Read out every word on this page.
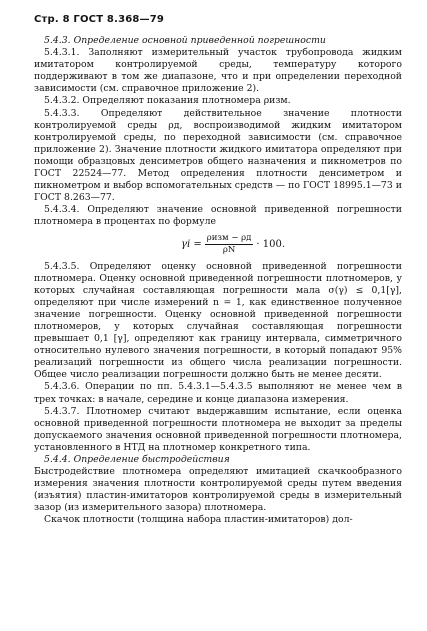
Стр. 8 ГОСТ 8.368—79

5.4.3. Определение основной приведенной погрешности

5.4.3.1. Заполняют измерительный участок трубопровода жидким имитатором контролируемой среды, температуру которого поддерживают в том же диапазоне, что и при определении переходной зависимости (см. справочное приложение 2).

5.4.3.2. Определяют показания плотномера ρизм.

5.4.3.3. Определяют действительное значение плотности контролируемой среды ρд, воспроизводимой жидким имитатором контролируемой среды, по переходной зависимости (см. справочное приложение 2). Значение плотности жидкого имитатора определяют при помощи образцовых денсиметров общего назначения и пикнометров по ГОСТ 22524—77. Метод определения плотности денсиметром и пикнометром и выбор вспомогательных средств — по ГОСТ 18995.1—73 и ГОСТ 8.263—77.

5.4.3.4. Определяют значение основной приведенной погрешности плотномера в процентах по формуле

$\gamma i = \frac{\text{ρизм − ρд}}{\rho N} \cdot 100$.

5.4.3.5. Определяют оценку основной приведенной погрешности плотномера. Оценку основной приведенной погрешности плотномеров, у которых случайная составляющая погрешности мала σ(γ) ≤ 0,1[γ], определяют при числе измерений n = 1, как единственное полученное значение погрешности. Оценку основной приведенной погрешности плотномеров, у которых случайная составляющая погрешности превышает 0,1 [γ], определяют как границу интервала, симметричного относительно нулевого значения погрешности, в который попадают 95% реализаций погрешности из общего числа реализации погрешности. Общее число реализации погрешности должно быть не менее десяти.

5.4.3.6. Операции по пп. 5.4.3.1—5.4.3.5 выполняют не менее чем в трех точках: в начале, середине и конце диапазона измерения.

5.4.3.7. Плотномер считают выдержавшим испытание, если оценка основной приведенной погрешности плотномера не выходит за пределы допускаемого значения основной приведенной погрешности плотномера, установленного в НТД на плотномер конкретного типа.

5.4.4. Определение быстродействия

Быстродействие плотномера определяют имитацией скачкообразного измерения значения плотности контролируемой среды путем введения (изъятия) пластин-имитаторов контролируемой среды в измерительный зазор (из измерительного зазора) плотномера.

Скачок плотности (толщина набора пластин-имитаторов) дол-
